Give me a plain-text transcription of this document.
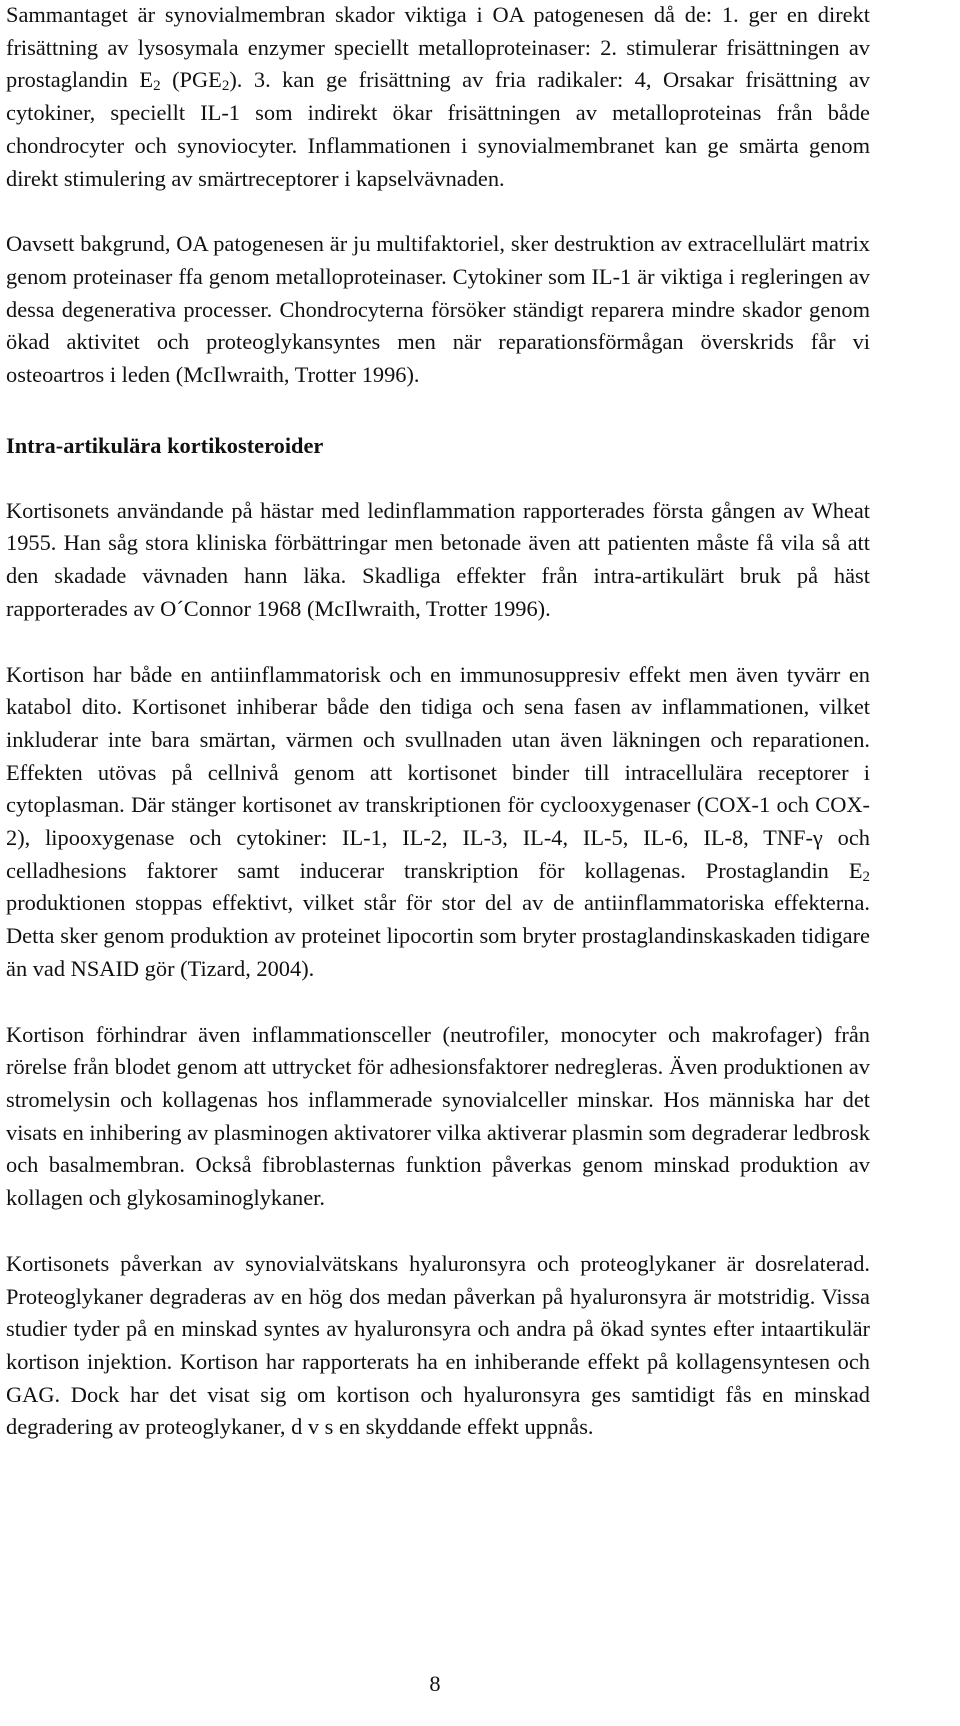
Sammantaget är synovialmembran skador viktiga i OA patogenesen då de: 1. ger en direkt frisättning av lysosymala enzymer speciellt metalloproteinaser: 2. stimulerar frisättningen av prostaglandin $E_2$ $(PGE_2)$. 3. kan ge frisättning av fria radikaler: 4, Orsakar frisättning av cytokiner, speciellt IL-1 som indirekt ökar frisättningen av metalloproteinas från både chondrocyter och synoviocyter. Inflammationen i synovialmembranet kan ge smärta genom direkt stimulering av smärtreceptorer i kapselvävnaden.

Oavsett bakgrund, OA patogenesen är ju multifaktoriel, sker destruktion av extracellulärt matrix genom proteinaser ffa genom metalloproteinaser. Cytokiner som IL-1 är viktiga i regleringen av dessa degenerativa processer. Chondrocyterna försöker ständigt reparera mindre skador genom ökad aktivitet och proteoglykansyntes men när reparationsförmågan överskrids får vi osteoartros i leden (McIlwraith, Trotter 1996).

Intra-artikulära kortikosteroider

Kortisonets användande på hästar med ledinflammation rapporterades första gången av Wheat 1955. Han såg stora kliniska förbättringar men betonade även att patienten måste få vila så att den skadade vävnaden hann läka. Skadliga effekter från intra-artikulärt bruk på häst rapporterades av O´Connor 1968 (McIlwraith, Trotter 1996).

Kortison har både en antiinflammatorisk och en immunosuppresiv effekt men även tyvärr en katabol dito. Kortisonet inhiberar både den tidiga och sena fasen av inflammationen, vilket inkluderar inte bara smärtan, värmen och svullnaden utan även läkningen och reparationen. Effekten utövas på cellnivå genom att kortisonet binder till intracellulära receptorer i cytoplasman. Där stänger kortisonet av transkriptionen för cyclooxygenaser (COX-1 och COX-2), lipooxygenase och cytokiner: IL-1, IL-2, IL-3, IL-4, IL-5, IL-6, IL-8, TNF-γ och celladhesions faktorer samt inducerar transkription för kollagenas. Prostaglandin $E_2$ produktionen stoppas effektivt, vilket står för stor del av de antiinflammatoriska effekterna. Detta sker genom produktion av proteinet lipocortin som bryter prostaglandinskaskaden tidigare än vad NSAID gör (Tizard, 2004).

Kortison förhindrar även inflammationsceller (neutrofiler, monocyter och makrofager) från rörelse från blodet genom att uttrycket för adhesionsfaktorer nedregleras. Även produktionen av stromelysin och kollagenas hos inflammerade synovialceller minskar. Hos människa har det visats en inhibering av plasminogen aktivatorer vilka aktiverar plasmin som degraderar ledbrosk och basalmembran. Också fibroblasternas funktion påverkas genom minskad produktion av kollagen och glykosaminoglykaner.

Kortisonets påverkan av synovialvätskans hyaluronsyra och proteoglykaner är dosrelaterad. Proteoglykaner degraderas av en hög dos medan påverkan på hyaluronsyra är motstridig. Vissa studier tyder på en minskad syntes av hyaluronsyra och andra på ökad syntes efter intaartikulär kortison injektion. Kortison har rapporterats ha en inhiberande effekt på kollagensyntesen och GAG. Dock har det visat sig om kortison och hyaluronsyra ges samtidigt fås en minskad degradering av proteoglykaner, d v s en skyddande effekt uppnås.

8
